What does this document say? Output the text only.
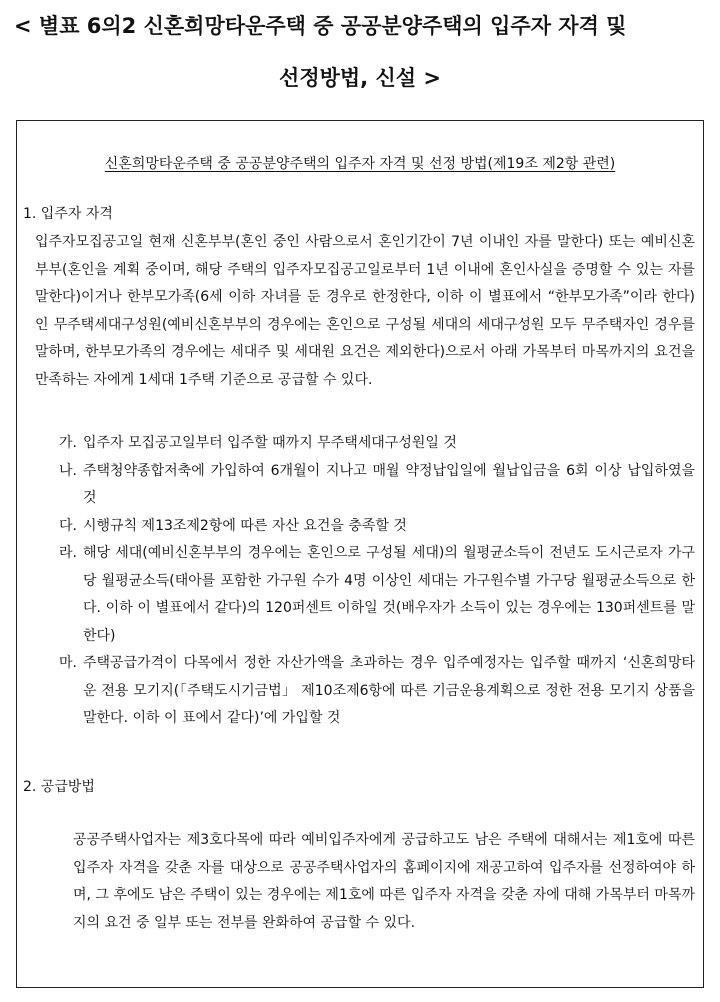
< 별표 6의2 신혼희망타운주택 중 공공분양주택의 입주자 자격 및
선정방법, 신설 >
신혼희망타운주택 중 공공분양주택의 입주자 자격 및 선정 방법(제19조 제2항 관련)
1. 입주자 자격

입주자모집공고일 현재 신혼부부(혼인 중인 사람으로서 혼인기간이 7년 이내인 자를 말한다) 또는 예비신혼부부(혼인을 계획 중이며, 해당 주택의 입주자모집공고일로부터 1년 이내에 혼인사실을 증명할 수 있는 자를 말한다)이거나 한부모가족(6세 이하 자녀를 둔 경우로 한정한다, 이하 이 별표에서 “한부모가족”이라 한다)인 무주택세대구성원(예비신혼부부의 경우에는 혼인으로 구성될 세대의 세대구성원 모두 무주택자인 경우를 말하며, 한부모가족의 경우에는 세대주 및 세대원 요건은 제외한다)으로서 아래 가목부터 마목까지의 요건을 만족하는 자에게 1세대 1주택 기준으로 공급할 수 있다.

가. 입주자 모집공고일부터 입주할 때까지 무주택세대구성원일 것
나. 주택청약종합저축에 가입하여 6개월이 지나고 매월 약정납입일에 월납입금을 6회 이상 납입하였을 것
다. 시행규칙 제13조제2항에 따른 자산 요건을 충족할 것
라. 해당 세대(예비신혼부부의 경우에는 혼인으로 구성될 세대)의 월평균소득이 전년도 도시근로자 가구당 월평균소득(태아를 포함한 가구원 수가 4명 이상인 세대는 가구원수별 가구당 월평균소득으로 한다. 이하 이 별표에서 같다)의 120퍼센트 이하일 것(배우자가 소득이 있는 경우에는 130퍼센트를 말한다)
마. 주택공급가격이 다목에서 정한 자산가액을 초과하는 경우 입주예정자는 입주할 때까지 ‘신혼희망타운 전용 모기지(「주택도시기금법」 제10조제6항에 따른 기금운용계획으로 정한 전용 모기지 상품을 말한다. 이하 이 표에서 같다)’에 가입할 것
2. 공급방법

공공주택사업자는 제3호다목에 따라 예비입주자에게 공급하고도 남은 주택에 대해서는 제1호에 따른 입주자 자격을 갖춘 자를 대상으로 공공주택사업자의 홈페이지에 재공고하여 입주자를 선정하여야 하며, 그 후에도 남은 주택이 있는 경우에는 제1호에 따른 입주자 자격을 갖춘 자에 대해 가목부터 마목까지의 요건 중 일부 또는 전부를 완화하여 공급할 수 있다.
